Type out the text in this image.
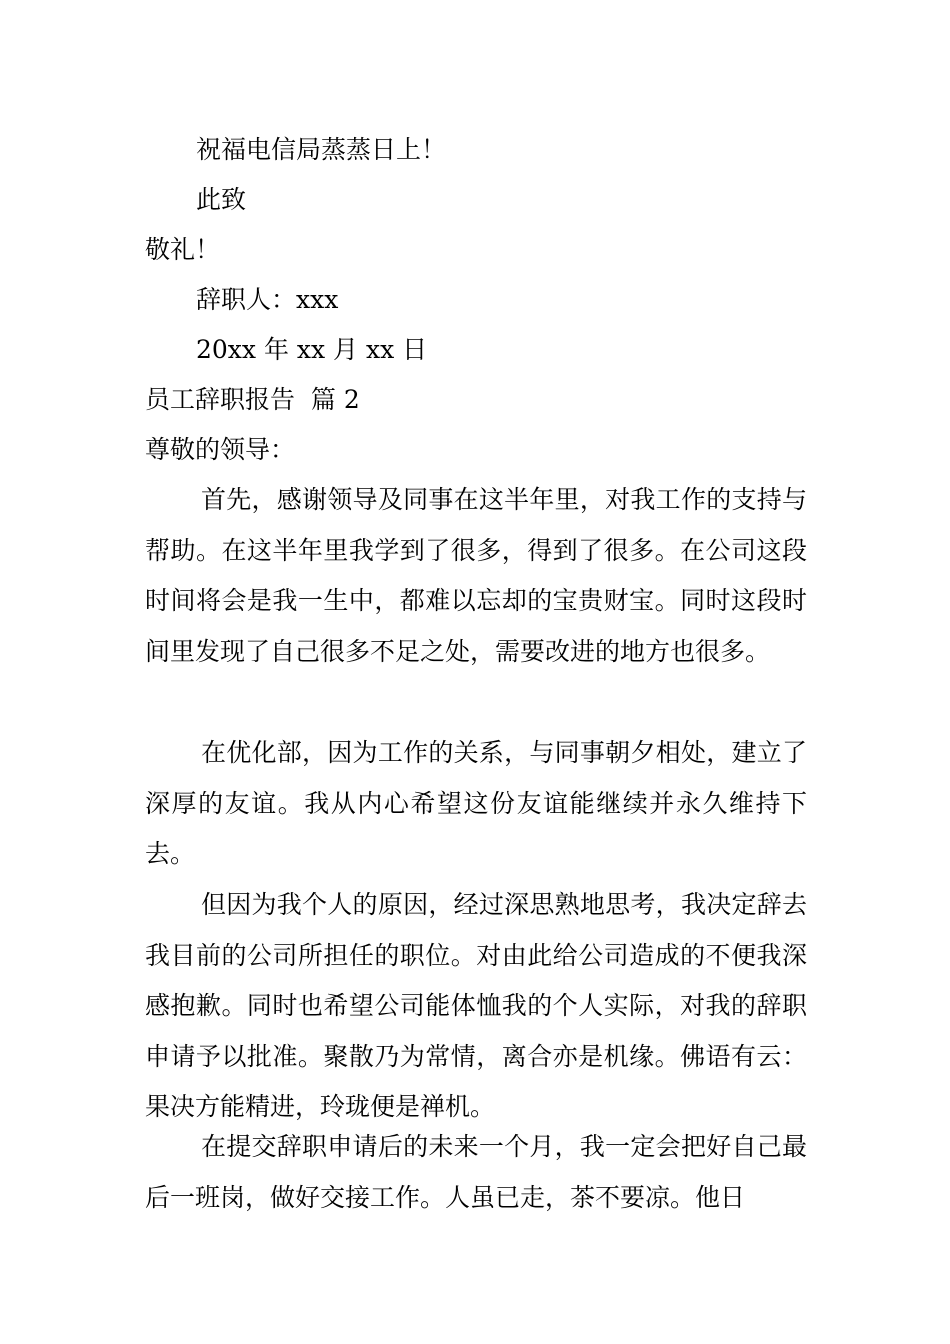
祝福电信局蒸蒸日上！

此致

敬礼！

辞职人：xxx

20xx 年 xx 月 xx 日

员工辞职报告  篇 2

尊敬的领导：

首先，感谢领导及同事在这半年里，对我工作的支持与帮助。在这半年里我学到了很多，得到了很多。在公司这段时间将会是我一生中，都难以忘却的宝贵财宝。同时这段时间里发现了自己很多不足之处，需要改进的地方也很多。

在优化部，因为工作的关系，与同事朝夕相处，建立了深厚的友谊。我从内心希望这份友谊能继续并永久维持下去。

但因为我个人的原因，经过深思熟地思考，我决定辞去我目前的公司所担任的职位。对由此给公司造成的不便我深感抱歉。同时也希望公司能体恤我的个人实际，对我的辞职申请予以批准。聚散乃为常情，离合亦是机缘。佛语有云：果决方能精进，玲珑便是禅机。

在提交辞职申请后的未来一个月，我一定会把好自己最后一班岗，做好交接工作。人虽已走，茶不要凉。他日
